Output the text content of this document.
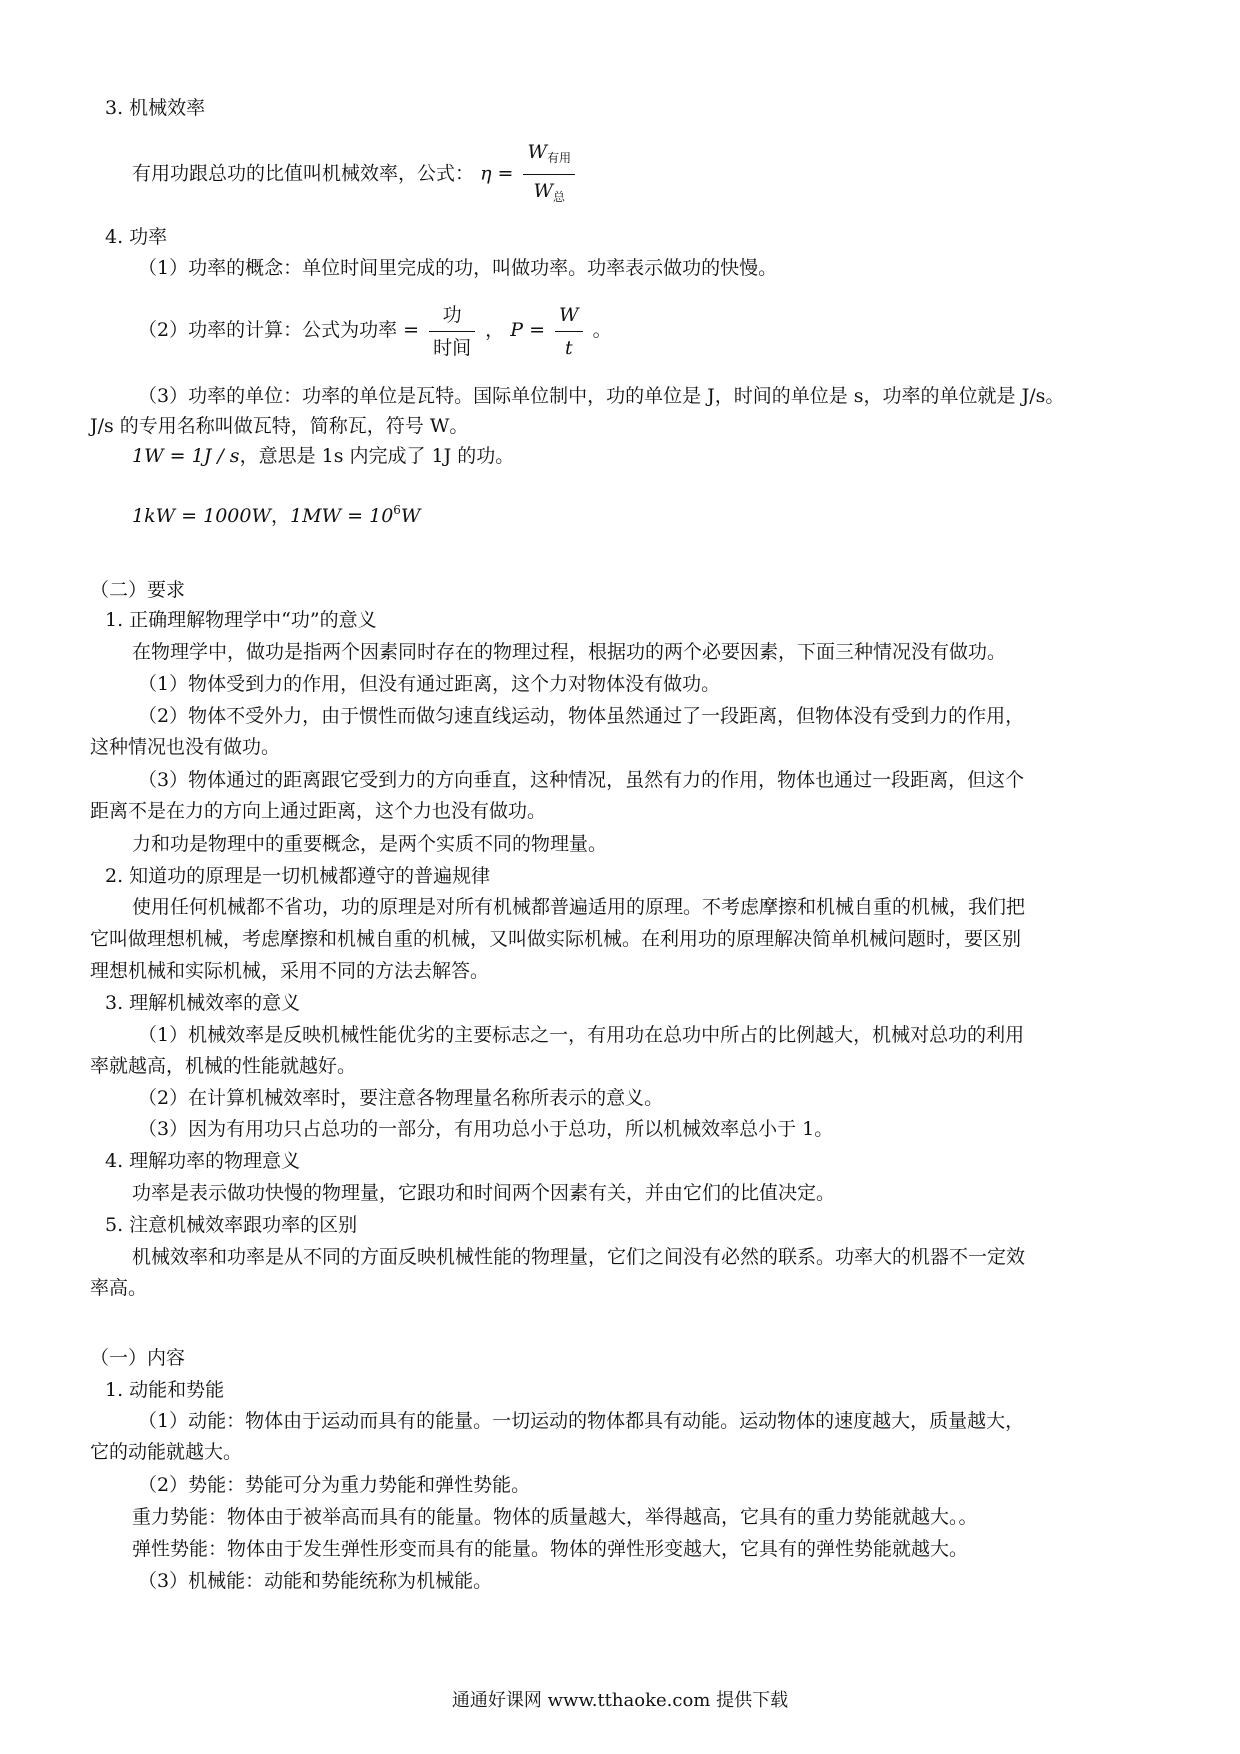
3. 机械效率
有用功跟总功的比值叫机械效率，公式： $\eta = \frac{W_{有用}}{W_总}$
4. 功率
（1）功率的概念：单位时间里完成的功，叫做功率。功率表示做功的快慢。
（2）功率的计算：公式为功率 = $\frac{\text{功}}{\text{时间}}$ ， $P = \frac{W}{t}$ 。
（3）功率的单位：功率的单位是瓦特。国际单位制中，功的单位是 J，时间的单位是 s，功率的单位就是 J/s。
J/s 的专用名称叫做瓦特，简称瓦，符号 W。
1W = 1J / s，意思是 1s 内完成了 1J 的功。
1kW = 1000W，$1MW = 10^6W$
（二）要求
1. 正确理解物理学中“功”的意义
在物理学中，做功是指两个因素同时存在的物理过程，根据功的两个必要因素，下面三种情况没有做功。
（1）物体受到力的作用，但没有通过距离，这个力对物体没有做功。
（2）物体不受外力，由于惯性而做匀速直线运动，物体虽然通过了一段距离，但物体没有受到力的作用，
这种情况也没有做功。
（3）物体通过的距离跟它受到力的方向垂直，这种情况，虽然有力的作用，物体也通过一段距离，但这个
距离不是在力的方向上通过距离，这个力也没有做功。
力和功是物理中的重要概念，是两个实质不同的物理量。
2. 知道功的原理是一切机械都遵守的普遍规律
使用任何机械都不省功，功的原理是对所有机械都普遍适用的原理。不考虑摩擦和机械自重的机械，我们把
它叫做理想机械，考虑摩擦和机械自重的机械，又叫做实际机械。在利用功的原理解决简单机械问题时，要区别
理想机械和实际机械，采用不同的方法去解答。
3. 理解机械效率的意义
（1）机械效率是反映机械性能优劣的主要标志之一，有用功在总功中所占的比例越大，机械对总功的利用
率就越高，机械的性能就越好。
（2）在计算机械效率时，要注意各物理量名称所表示的意义。
（3）因为有用功只占总功的一部分，有用功总小于总功，所以机械效率总小于 1。
4. 理解功率的物理意义
功率是表示做功快慢的物理量，它跟功和时间两个因素有关，并由它们的比值决定。
5. 注意机械效率跟功率的区别
机械效率和功率是从不同的方面反映机械性能的物理量，它们之间没有必然的联系。功率大的机器不一定效
率高。
（一）内容
1. 动能和势能
（1）动能：物体由于运动而具有的能量。一切运动的物体都具有动能。运动物体的速度越大，质量越大，
它的动能就越大。
（2）势能：势能可分为重力势能和弹性势能。
重力势能：物体由于被举高而具有的能量。物体的质量越大，举得越高，它具有的重力势能就越大。。
弹性势能：物体由于发生弹性形变而具有的能量。物体的弹性形变越大，它具有的弹性势能就越大。
（3）机械能：动能和势能统称为机械能。
通通好课网 www.tthaoke.com 提供下载
